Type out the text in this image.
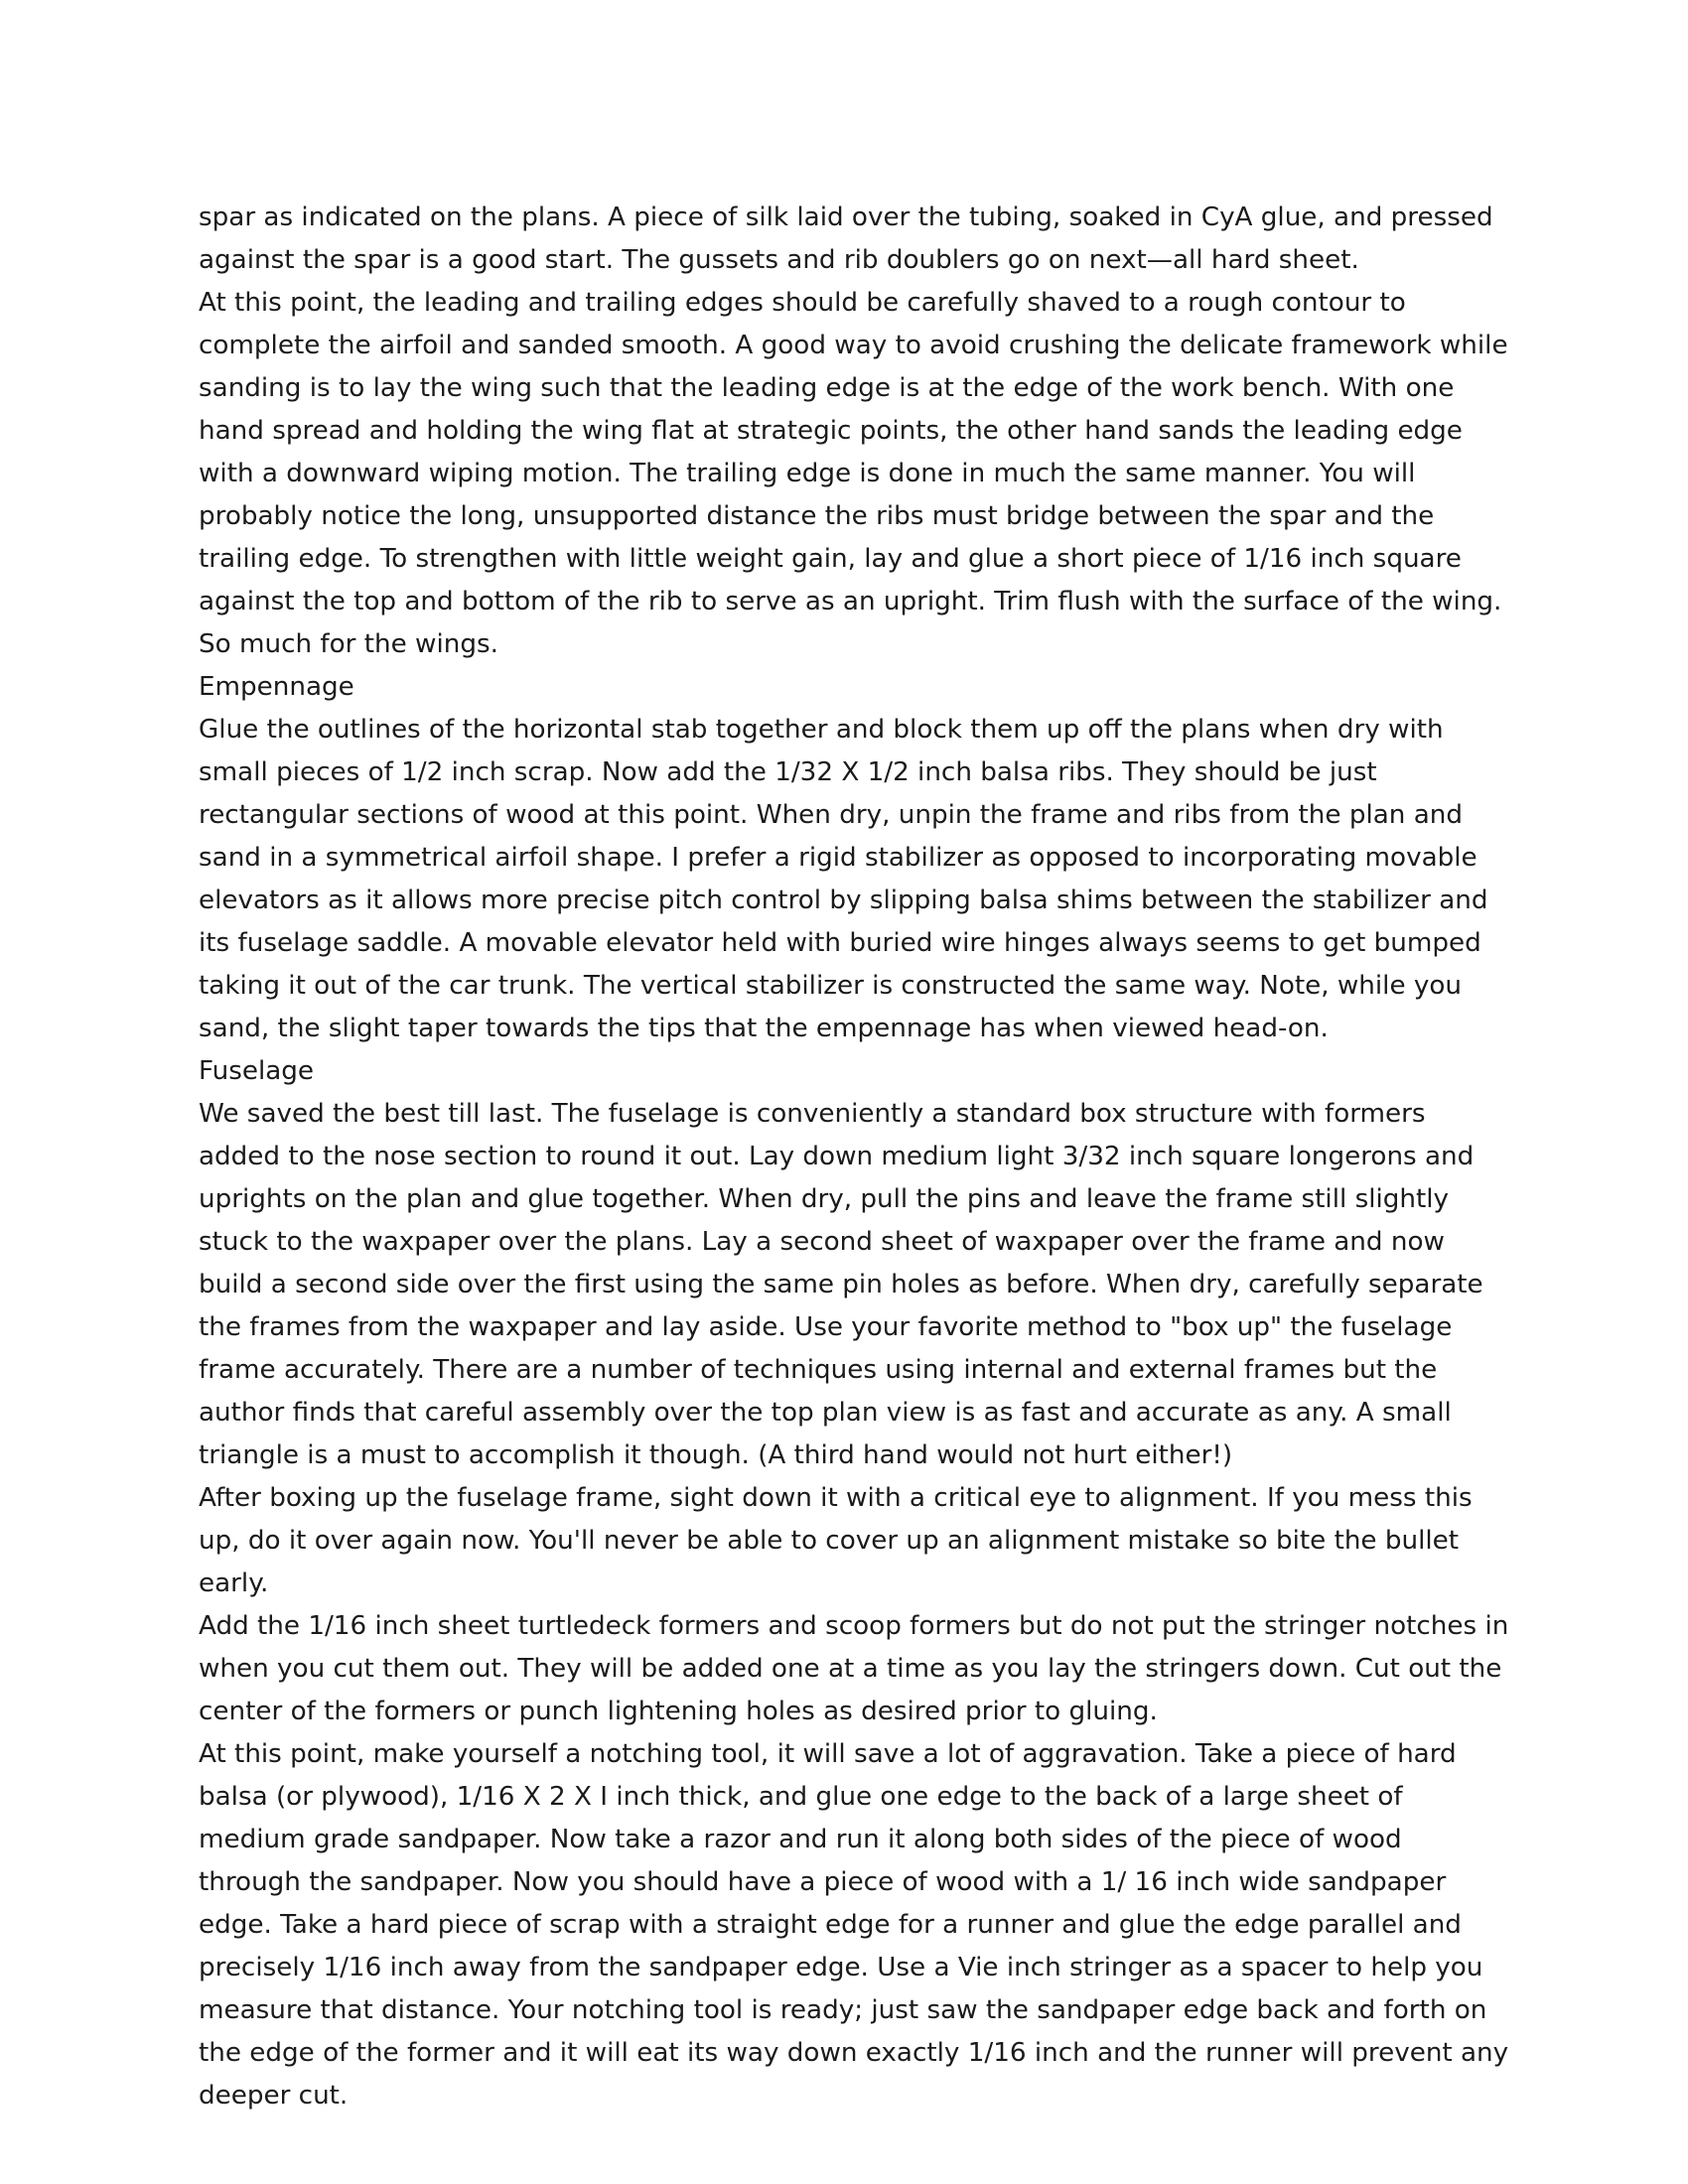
spar as indicated on the plans. A piece of silk laid over the tubing, soaked in CyA glue, and pressed against the spar is a good start. The gussets and rib doublers go on next—all hard sheet.

At this point, the leading and trailing edges should be carefully shaved to a rough contour to complete the airfoil and sanded smooth. A good way to avoid crushing the delicate framework while sanding is to lay the wing such that the leading edge is at the edge of the work bench. With one hand spread and holding the wing flat at strategic points, the other hand sands the leading edge with a downward wiping motion. The trailing edge is done in much the same manner. You will probably notice the long, unsupported distance the ribs must bridge between the spar and the trailing edge. To strengthen with little weight gain, lay and glue a short piece of 1/16 inch square against the top and bottom of the rib to serve as an upright. Trim flush with the surface of the wing. So much for the wings.

Empennage

Glue the outlines of the horizontal stab together and block them up off the plans when dry with small pieces of 1/2 inch scrap. Now add the 1/32 X 1/2 inch balsa ribs. They should be just rectangular sections of wood at this point. When dry, unpin the frame and ribs from the plan and sand in a symmetrical airfoil shape. I prefer a rigid stabilizer as opposed to incorporating movable elevators as it allows more precise pitch control by slipping balsa shims between the stabilizer and its fuselage saddle. A movable elevator held with buried wire hinges always seems to get bumped taking it out of the car trunk. The vertical stabilizer is constructed the same way. Note, while you sand, the slight taper towards the tips that the empennage has when viewed head-on.

Fuselage

We saved the best till last. The fuselage is conveniently a standard box structure with formers added to the nose section to round it out. Lay down medium light 3/32 inch square longerons and uprights on the plan and glue together. When dry, pull the pins and leave the frame still slightly stuck to the waxpaper over the plans. Lay a second sheet of waxpaper over the frame and now build a second side over the first using the same pin holes as before. When dry, carefully separate the frames from the waxpaper and lay aside. Use your favorite method to "box up" the fuselage frame accurately. There are a number of techniques using internal and external frames but the author finds that careful assembly over the top plan view is as fast and accurate as any. A small triangle is a must to accomplish it though. (A third hand would not hurt either!)

After boxing up the fuselage frame, sight down it with a critical eye to alignment. If you mess this up, do it over again now. You'll never be able to cover up an alignment mistake so bite the bullet early.

Add the 1/16 inch sheet turtledeck formers and scoop formers but do not put the stringer notches in when you cut them out. They will be added one at a time as you lay the stringers down. Cut out the center of the formers or punch lightening holes as desired prior to gluing.

At this point, make yourself a notching tool, it will save a lot of aggravation. Take a piece of hard balsa (or plywood), 1/16 X 2 X I inch thick, and glue one edge to the back of a large sheet of medium grade sandpaper. Now take a razor and run it along both sides of the piece of wood through the sandpaper. Now you should have a piece of wood with a 1/ 16 inch wide sandpaper edge. Take a hard piece of scrap with a straight edge for a runner and glue the edge parallel and precisely 1/16 inch away from the sandpaper edge. Use a Vie inch stringer as a spacer to help you measure that distance. Your notching tool is ready; just saw the sandpaper edge back and forth on the edge of the former and it will eat its way down exactly 1/16 inch and the runner will prevent any deeper cut.
